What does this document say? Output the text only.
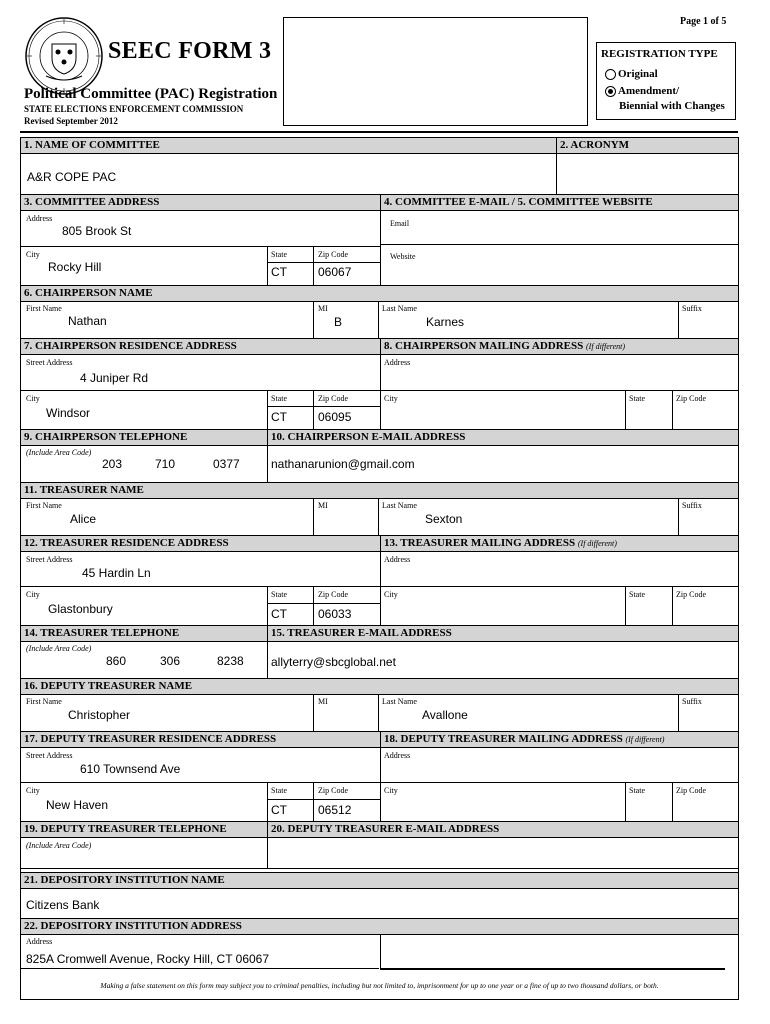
Page 1 of 5
SEEC FORM 3
Political Committee (PAC) Registration
STATE ELECTIONS ENFORCEMENT COMMISSION
Revised September 2012
REGISTRATION TYPE
Original
Amendment/
Biennial with Changes
1. NAME OF COMMITTEE	2. ACRONYM
A&R COPE PAC
3. COMMITTEE ADDRESS	4. COMMITTEE E-MAIL / 5. COMMITTEE WEBSITE
Address
805 Brook St
Email
City
Rocky Hill
State
CT
Zip Code
06067
Website
6. CHAIRPERSON NAME
First Name
Nathan
MI
B
Last Name
Karnes
Suffix
7. CHAIRPERSON RESIDENCE ADDRESS	8. CHAIRPERSON MAILING ADDRESS (If different)
Street Address
4 Juniper Rd
Address
City
Windsor
State
CT
Zip Code
06095
City	State	Zip Code
9. CHAIRPERSON TELEPHONE	10. CHAIRPERSON E-MAIL ADDRESS
(Include Area Code)
203	710	0377	nathanarunion@gmail.com
11. TREASURER NAME
First Name
Alice
MI	Last Name
Sexton
Suffix
12. TREASURER RESIDENCE ADDRESS	13. TREASURER MAILING ADDRESS (If different)
Street Address
45 Hardin Ln
Address
City
Glastonbury
State
CT
Zip Code
06033
City	State	Zip Code
14. TREASURER TELEPHONE	15. TREASURER E-MAIL ADDRESS
(Include Area Code)
860	306	8238 allyterry@sbcglobal.net
16. DEPUTY TREASURER NAME
First Name
Christopher
MI	Last Name
Avallone
Suffix
17. DEPUTY TREASURER RESIDENCE ADDRESS	18. DEPUTY TREASURER MAILING ADDRESS (If different)
Street Address
610 Townsend Ave
Address
City
New Haven
State
CT
Zip Code
06512
City	State	Zip Code
19. DEPUTY TREASURER TELEPHONE	20. DEPUTY TREASURER E-MAIL ADDRESS
(Include Area Code)
21. DEPOSITORY INSTITUTION NAME
Citizens Bank
22. DEPOSITORY INSTITUTION ADDRESS
Address
825A Cromwell Avenue, Rocky Hill, CT 06067
Making a false statement on this form may subject you to criminal penalties, including but not limited to, imprisonment for up to one year or a fine of up to two thousand dollars, or both.
